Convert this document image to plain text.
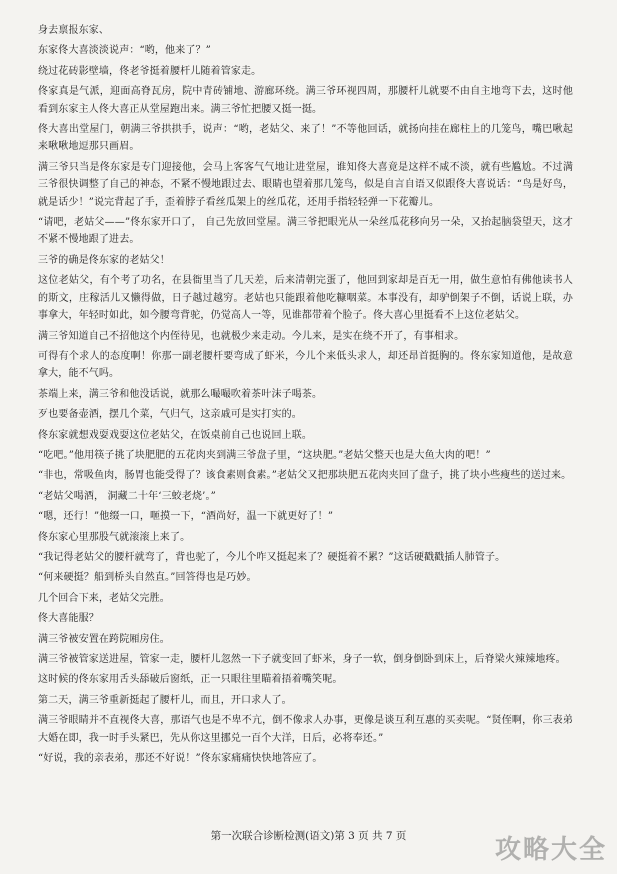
身去禀报东家、

东家佟大喜淡淡说声：“哟，他来了？”

绕过花砖影壁墙，佟老爷挺着腰杆儿随着管家走。

佟家真是气派，迎面高脊瓦房，院中青砖铺地、游廊环绕。满三爷环视四周，那腰杆儿就要不由自主地弯下去，这时他看到东家主人佟大喜正从堂屋跑出来。满三爷忙把腰又挺一挺。

佟大喜出堂屋门，朝满三爷拱拱手，说声：“哟，老姑父、来了！”不等他回话，就扬向挂在廊柱上的几笼鸟，嘴巴啾起来啾啾地逗那只画眉。

满三爷只当是佟东家是专门迎接他，会马上客客气气地让进堂屋，谁知佟大喜竟是这样不咸不淡，就有些尴尬。不过满三爷很快调整了自己的神态，不紧不慢地跟过去、眼睛也望着那几笼鸟，似是自言自语又似跟佟大喜说话：“鸟是好鸟，就是话少！”说完背起了手，歪着脖子看丝瓜架上的丝瓜花，还用手指轻轻弹一下花瓣儿。

“请吧，老姑父——”佟东家开口了， 自己先放回堂屋。满三爷把眼光从一朵丝瓜花移向另一朵，又抬起脑袋望天，这才不紧不慢地跟了进去。

三爷的确是佟东家的老姑父！

这位老姑父，有个考了功名，在县衙里当了几天差，后来清朝完蛋了，他回到家却是百无一用，做生意怕有佛他读书人的斯文，庄稼活儿又懒得做，日子越过越穷。老姑也只能跟着他吃糠咽菜。本事没有，却驴倒架子不倒，话说上联，办事拿大，年轻时如此，如今腰弯背驼，仍觉高人一等，见谁都带着个脸子。佟大喜心里挺看不上这位老姑父。

满三爷知道自己不招他这个内侄待见，也就极少来走动。今儿来，是实在绕不开了，有事相求。

可得有个求人的态度啊！你那一副老腰杆要弯成了虾米，今儿个来低头求人，却还昂首挺胸的。佟东家知道他，是故意拿大，能不气吗。

茶端上来，满三爷和他没话说，就那么嘬嘬吹着茶叶沫子喝茶。

歹也要备壶酒，摆几个菜，气归气，这亲戚可是实打实的。

佟东家就想戏耍戏耍这位老姑父，在饭桌前自己也说回上联。

“吃吧。”他用筷子挑了块肥肥的五花肉夹到满三爷盘子里，“这块肥。”老姑父整天也是大鱼大肉的吧！”

“非也，常吸鱼肉，肠胃也能受得了？该食素则食素。”老姑父又把那块肥五花肉夹回了盘子，挑了块小些瘦些的送过来。

“老姑父喝酒， 洞藏二十年‘三蛟老烧’。”

“嗯，还行！”他缀一口，咂摸一下，“酒尚好，温一下就更好了！”

佟东家心里那股气就滚滚上来了。

“我记得老姑父的腰杆就弯了，背也驼了，今儿个咋又挺起来了？硬挺着不累？”这话硬戳戳插人肺管子。

“何来硬挺？船到桥头自然直。”回答得也是巧妙。

几个回合下来，老姑父完胜。

佟大喜能服？

满三爷被安置在跨院厢房住。

满三爷被管家送进屋，管家一走，腰杆儿忽然一下子就变回了虾米，身子一软，倒身倒卧到床上，后脊梁火辣辣地疼。

这时候的佟东家用舌头舔破后窗纸，正一只眼往里瞄着捂着嘴笑呢。

第二天，满三爷重新挺起了腰杆儿，而且，开口求人了。

满三爷眼睛并不直视佟大喜，那语气也是不卑不亢，倒不像求人办事，更像是谈互利互惠的买卖呢。“贤侄啊，你三表弟大婚在即，我一时手头紧巴，先从你这里挪兑一百个大洋，日后，必将奉还。”

“好说，我的亲表弟，那还不好说！”佟东家痛痛快快地答应了。

第一次联合诊断检测(语文)第 3 页 共 7 页	攻略大全
